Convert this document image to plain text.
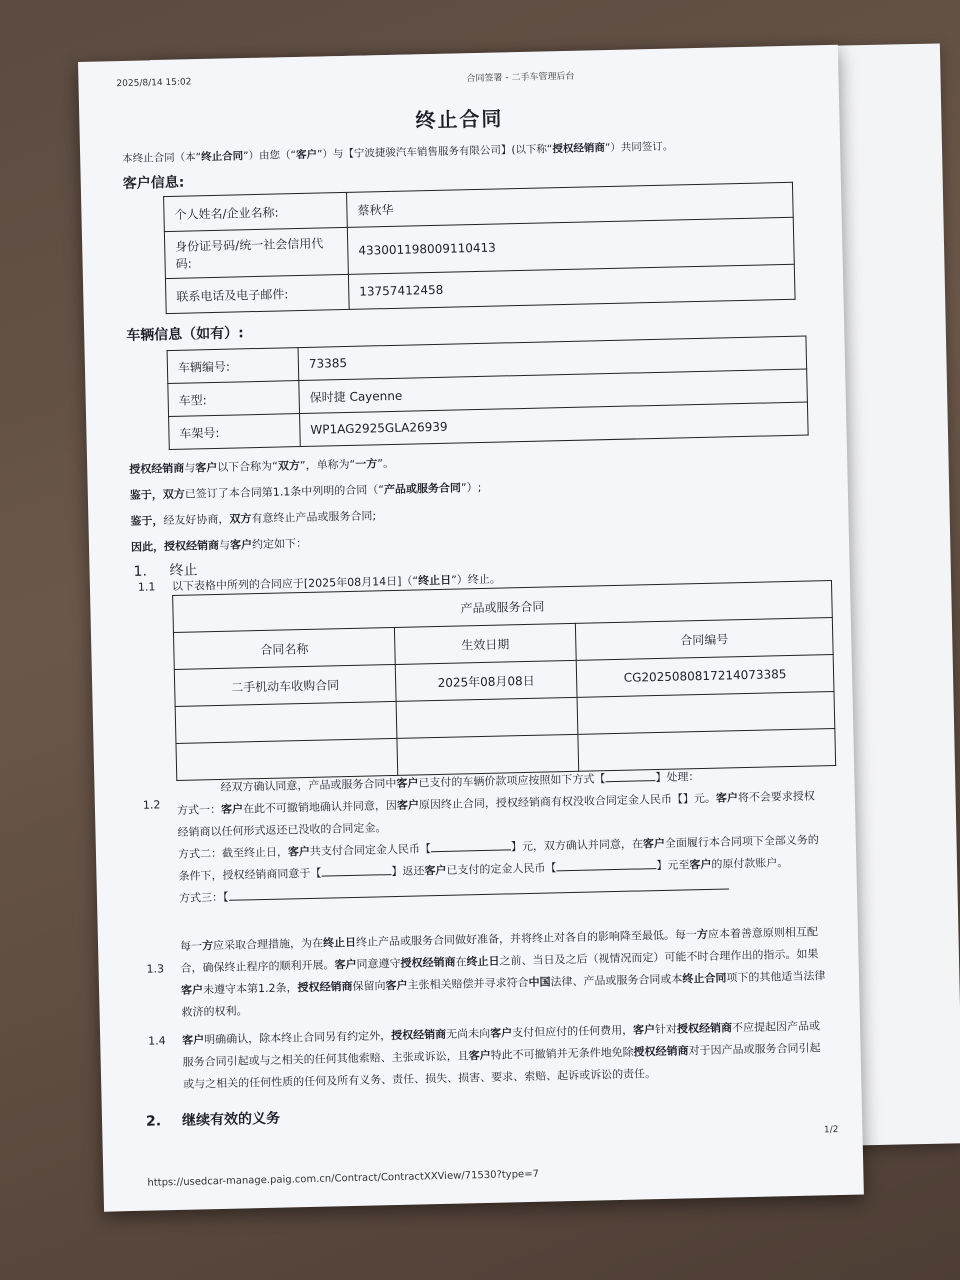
2025/8/14 15:02	合同签署 - 二手车管理后台
终止合同
本终止合同（本“终止合同”）由您（“客户”）与【宁波捷骏汽车销售服务有限公司】(以下称“授权经销商”）共同签订。
客户信息:
个人姓名/企业名称:	蔡秋华
身份证号码/统一社会信用代码:	433001198009110413
联系电话及电子邮件:	13757412458
车辆信息（如有）:
车辆编号:	73385
车型:	保时捷 Cayenne
车架号:	WP1AG2925GLA26939
授权经销商与客户以下合称为“双方”，单称为“一方”。
鉴于，双方已签订了本合同第1.1条中列明的合同（“产品或服务合同”）;
鉴于，经友好协商，双方有意终止产品或服务合同;
因此，授权经销商与客户约定如下：
1. 终止
1.1	以下表格中所列的合同应于[2025年08月14日]（“终止日”）终止。
产品或服务合同		
合同名称	生效日期	合同编号
二手机动车收购合同	2025年08月08日	CG2025080817214073385

1.2
经双方确认同意，产品或服务合同中客户已支付的车辆价款项应按照如下方式【	】处理：
方式一：客户在此不可撤销地确认并同意，因客户原因终止合同，授权经销商有权没收合同定金人民币【】元。客户将不会要求授权经销商以任何形式返还已没收的合同定金。
方式二：截至终止日，客户共支付合同定金人民币【	】元，双方确认并同意，在客户全面履行本合同项下全部义务的条件下，授权经销商同意于【	】返还客户已支付的定金人民币【	】元至客户的原付款账户。
方式三：【
1.3
每一方应采取合理措施，为在终止日终止产品或服务合同做好准备，并将终止对各自的影响降至最低。每一方应本着善意原则相互配合，确保终止程序的顺利开展。客户同意遵守授权经销商在终止日之前、当日及之后（视情况而定）可能不时合理作出的指示。如果客户未遵守本第1.2条，授权经销商保留向客户主张相关赔偿并寻求符合中国法律、产品或服务合同或本终止合同项下的其他适当法律救济的权利。
1.4	客户明确确认，除本终止合同另有约定外，授权经销商无尚未向客户支付但应付的任何费用，客户针对授权经销商不应提起因产品或服务合同引起或与之相关的任何其他索赔、主张或诉讼，且客户特此不可撤销并无条件地免除授权经销商对于因产品或服务合同引起或与之相关的任何性质的任何及所有义务、责任、损失、损害、要求、索赔、起诉或诉讼的责任。
2. 继续有效的义务
1/2
https://usedcar-manage.paig.com.cn/Contract/ContractXXView/71530?type=7
